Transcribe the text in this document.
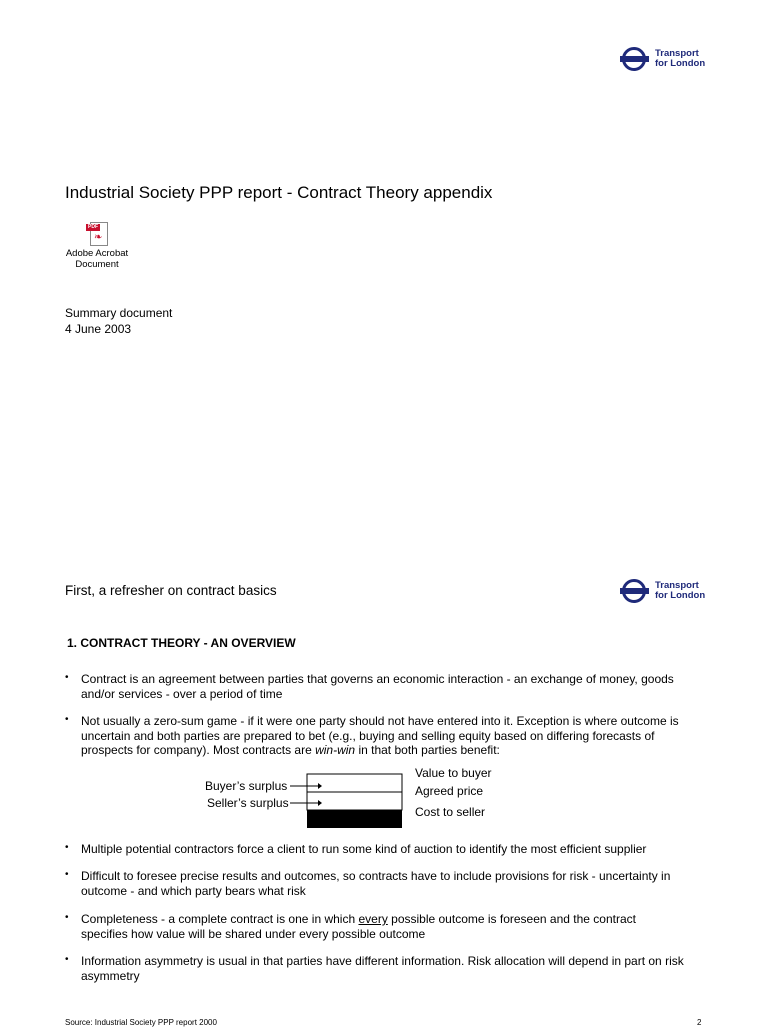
Transport
for London
Industrial Society PPP report - Contract Theory appendix
PDF
❧
Adobe Acrobat
Document
Summary document
4 June 2003
First, a refresher on contract basics	Transport
for London
1. CONTRACT THEORY - AN OVERVIEW
• Contract is an agreement between parties that governs an economic interaction - an exchange of money, goods and/or services - over a period of time
• Not usually a zero-sum game - if it were one party should not have entered into it. Exception is where outcome is uncertain and both parties are prepared to bet (e.g., buying and selling equity based on differing forecasts of prospects for company). Most contracts are win-win in that both parties benefit:
Buyer’s surplus
Seller’s surplus
Value to buyer
Agreed price
Cost to seller
• Multiple potential contractors force a client to run some kind of auction to identify the most efficient supplier
• Difficult to foresee precise results and outcomes, so contracts have to include provisions for risk - uncertainty in outcome - and which party bears what risk
• Completeness - a complete contract is one in which every possible outcome is foreseen and the contract specifies how value will be shared under every possible outcome
• Information asymmetry is usual in that parties have different information. Risk allocation will depend in part on risk asymmetry
Source: Industrial Society PPP report 2000	2
